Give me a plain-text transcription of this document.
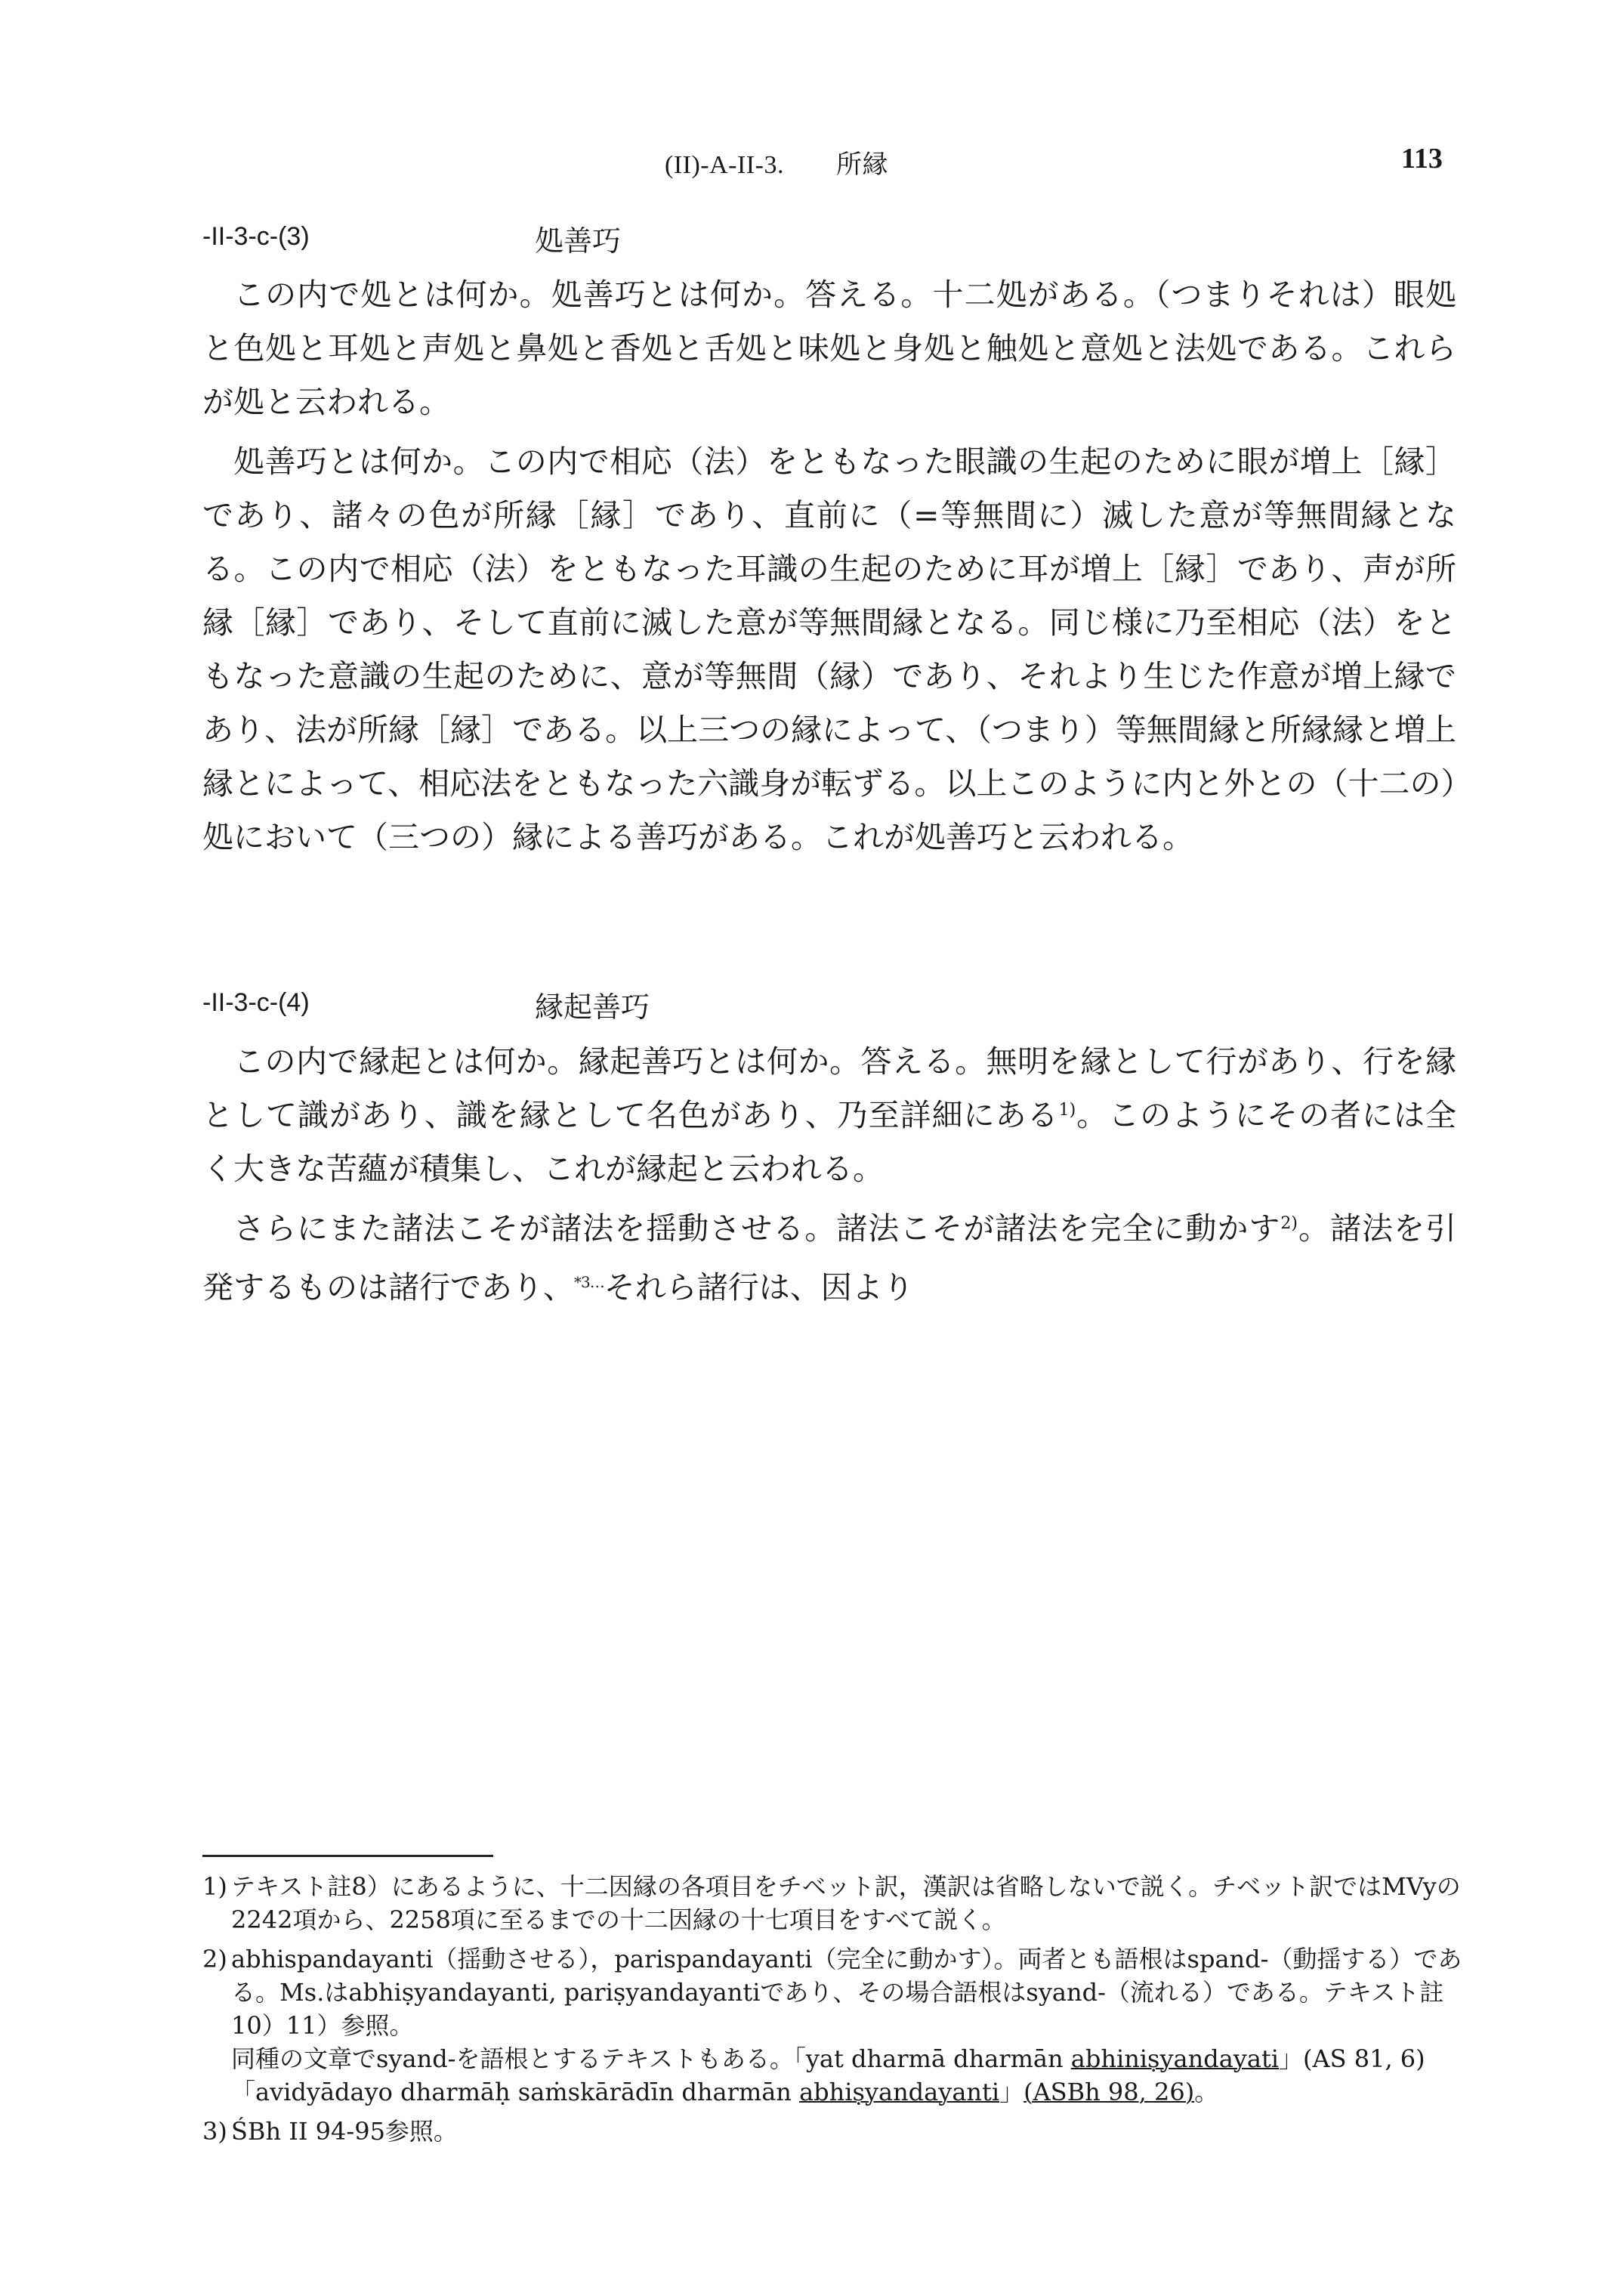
(II)-A-II-3. 所縁	113
-II-3-c-(3)	処善巧

この内で処とは何か。処善巧とは何か。答える。十二処がある。（つまりそれは）眼処と色処と耳処と声処と鼻処と香処と舌処と味処と身処と触処と意処と法処である。これらが処と云われる。

処善巧とは何か。この内で相応（法）をともなった眼識の生起のために眼が増上［縁］であり、諸々の色が所縁［縁］であり、直前に（=等無間に）滅した意が等無間縁となる。この内で相応（法）をともなった耳識の生起のために耳が増上［縁］であり、声が所縁［縁］であり、そして直前に滅した意が等無間縁となる。同じ様に乃至相応（法）をともなった意識の生起のために、意が等無間（縁）であり、それより生じた作意が増上縁であり、法が所縁［縁］である。以上三つの縁によって、（つまり）等無間縁と所縁縁と増上縁とによって、相応法をともなった六識身が転ずる。以上このように内と外との（十二の）処において（三つの）縁による善巧がある。これが処善巧と云われる。

-II-3-c-(4)	縁起善巧

この内で縁起とは何か。縁起善巧とは何か。答える。無明を縁として行があり、行を縁として識があり、識を縁として名色があり、乃至詳細にある$^{1)}$。このようにその者には全く大きな苦蘊が積集し、これが縁起と云われる。

さらにまた諸法こそが諸法を揺動させる。諸法こそが諸法を完全に動かす$^{2)}$。諸法を引発するものは諸行であり、$^{*3\dots}$それら諸行は、因より

1) テキスト註8）にあるように、十二因縁の各項目をチベット訳，漢訳は省略しないで説く。チベット訳ではMVyの2242項から、2258項に至るまでの十二因縁の十七項目をすべて説く。
2) abhispandayanti（揺動させる），parispandayanti（完全に動かす）。両者とも語根はspand-（動揺する）である。Ms.はabhiṣyandayanti, pariṣyandayantiであり、その場合語根はsyand-（流れる）である。テキスト註10）11）参照。
同種の文章でsyand-を語根とするテキストもある。「yat dharmā dharmān abhiniṣyandayati」(AS 81, 6)「avidyādayo dharmāḥ saṁskārādīn dharmān abhiṣyandayanti」(ASBh 98, 26)。
3) ŚBh II 94-95参照。
